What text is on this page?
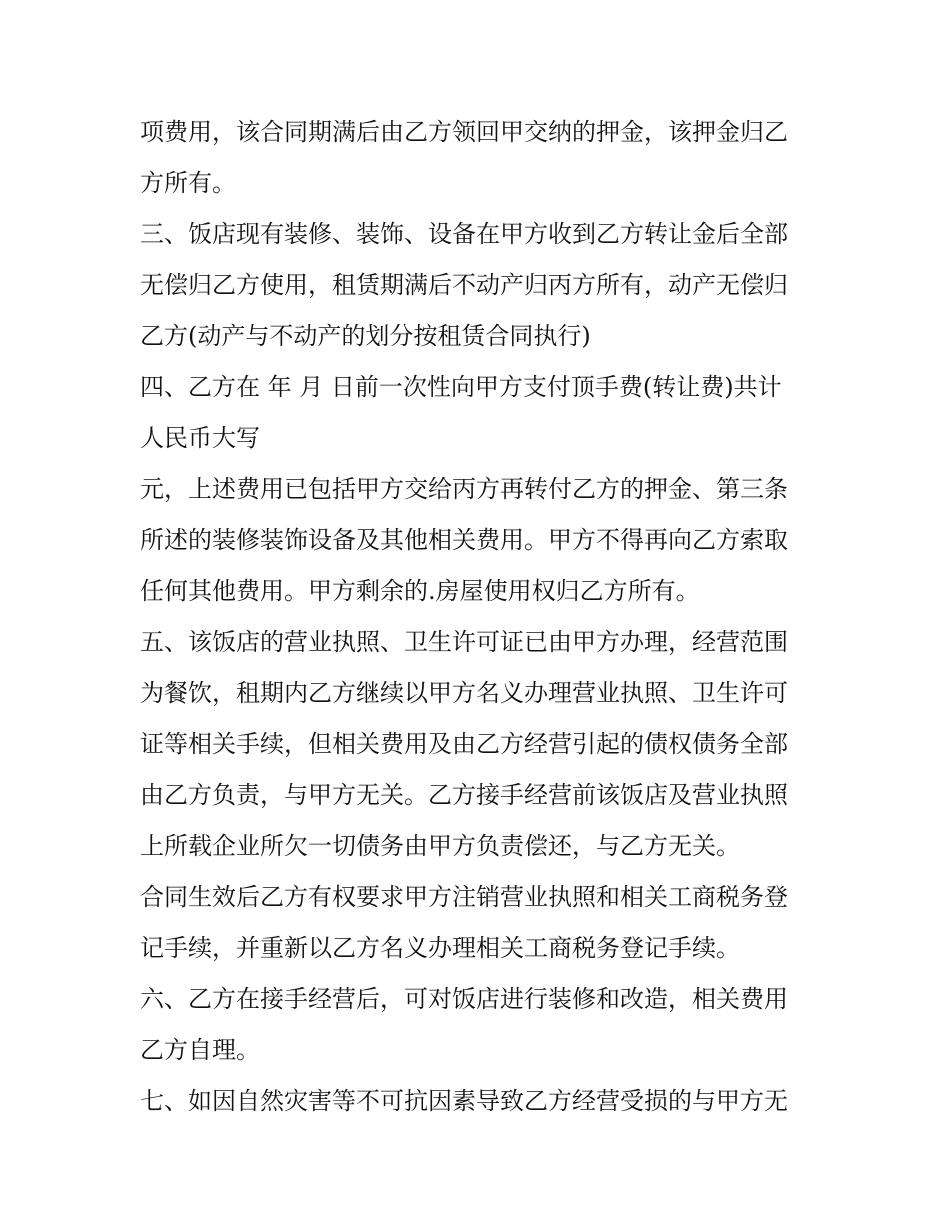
项费用，该合同期满后由乙方领回甲交纳的押金，该押金归乙
方所有。
三、饭店现有装修、装饰、设备在甲方收到乙方转让金后全部
无偿归乙方使用，租赁期满后不动产归丙方所有，动产无偿归
乙方(动产与不动产的划分按租赁合同执行)
四、乙方在 年 月 日前一次性向甲方支付顶手费(转让费)共计
人民币大写
元，上述费用已包括甲方交给丙方再转付乙方的押金、第三条
所述的装修装饰设备及其他相关费用。甲方不得再向乙方索取
任何其他费用。甲方剩余的.房屋使用权归乙方所有。
五、该饭店的营业执照、卫生许可证已由甲方办理，经营范围
为餐饮，租期内乙方继续以甲方名义办理营业执照、卫生许可
证等相关手续，但相关费用及由乙方经营引起的债权债务全部
由乙方负责，与甲方无关。乙方接手经营前该饭店及营业执照
上所载企业所欠一切债务由甲方负责偿还，与乙方无关。
合同生效后乙方有权要求甲方注销营业执照和相关工商税务登
记手续，并重新以乙方名义办理相关工商税务登记手续。
六、乙方在接手经营后，可对饭店进行装修和改造，相关费用
乙方自理。
七、如因自然灾害等不可抗因素导致乙方经营受损的与甲方无
